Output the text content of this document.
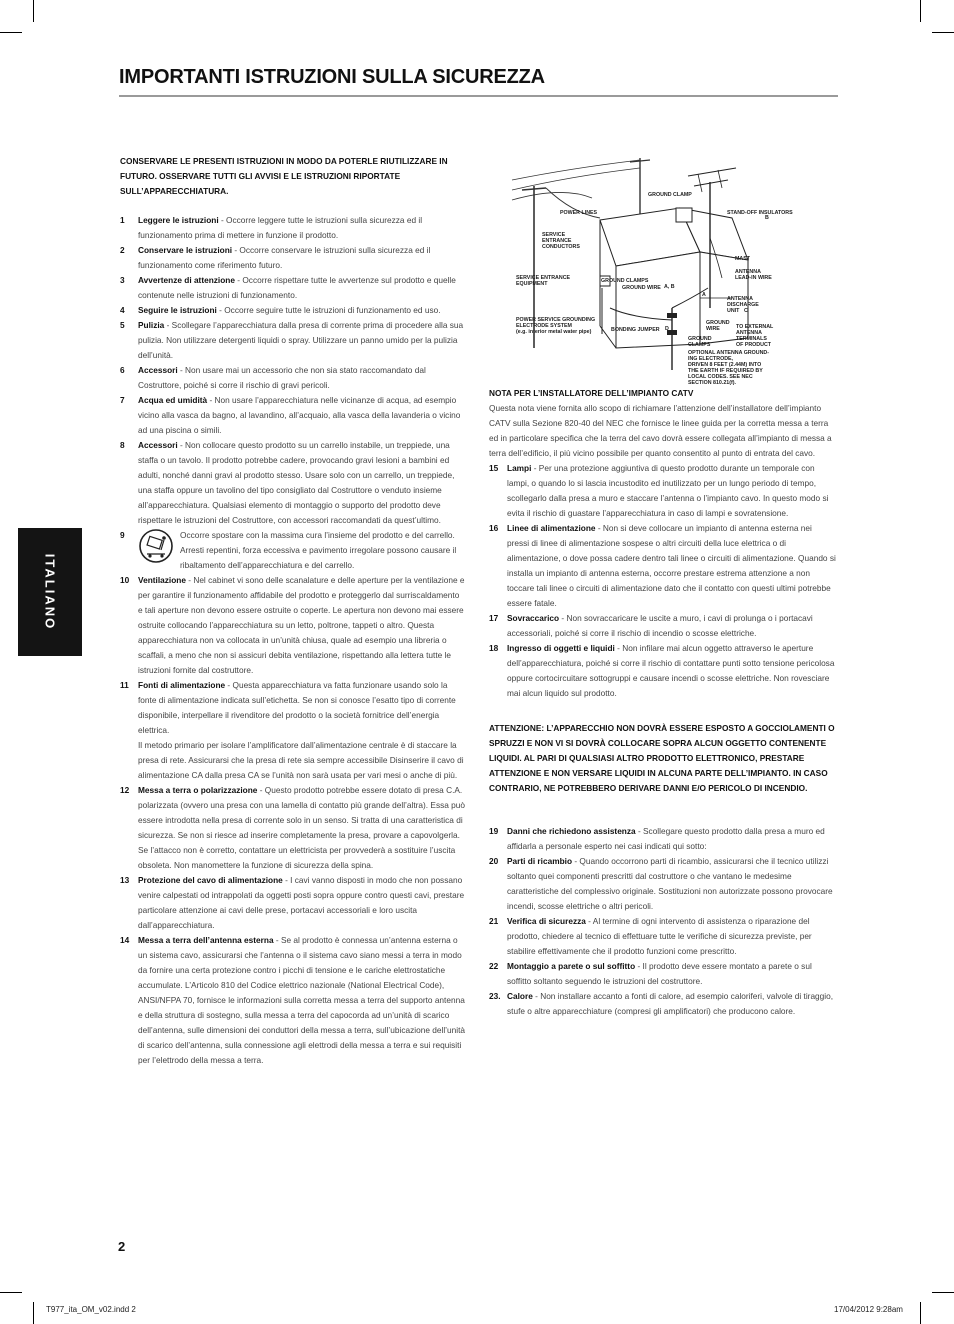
IMPORTANTI ISTRUZIONI SULLA SICUREZZA
ITALIANO
CONSERVARE LE PRESENTI ISTRUZIONI IN MODO DA POTERLE RIUTILIZZARE IN FUTURO. OSSERVARE TUTTI GLI AVVISI E LE ISTRUZIONI RIPORTATE SULL’APPARECCHIATURA.
1 Leggere le istruzioni - Occorre leggere tutte le istruzioni sulla sicurezza ed il funzionamento prima di mettere in funzione il prodotto.
2 Conservare le istruzioni - Occorre conservare le istruzioni sulla sicurezza ed il funzionamento come riferimento futuro.
3 Avvertenze di attenzione - Occorre rispettare tutte le avvertenze sul prodotto e quelle contenute nelle istruzioni di funzionamento.
4 Seguire le istruzioni - Occorre seguire tutte le istruzioni di funzionamento ed uso.
5 Pulizia - Scollegare l’apparecchiatura dalla presa di corrente prima di procedere alla sua pulizia. Non utilizzare detergenti liquidi o spray. Utilizzare un panno umido per la pulizia dell’unità.
6 Accessori - Non usare mai un accessorio che non sia stato raccomandato dal Costruttore, poiché si corre il rischio di gravi pericoli.
7 Acqua ed umidità - Non usare l’apparecchiatura nelle vicinanze di acqua, ad esempio vicino alla vasca da bagno, al lavandino, all’acquaio, alla vasca della lavanderia o vicino ad una piscina o simili.
8 Accessori - Non collocare questo prodotto su un carrello instabile, un treppiede, una staffa o un tavolo. Il prodotto potrebbe cadere, provocando gravi lesioni a bambini ed adulti, nonché danni gravi al prodotto stesso. Usare solo con un carrello, un treppiede, una staffa oppure un tavolino del tipo consigliato dal Costruttore o venduto insieme all’apparecchiatura. Qualsiasi elemento di montaggio o supporto del prodotto deve rispettare le istruzioni del Costruttore, con accessori raccomandati da quest’ultimo.
9	Occorre spostare con la massima cura l’insieme del prodotto e del carrello. Arresti repentini, forza eccessiva e pavimento irregolare possono causare il ribaltamento dell’apparecchiatura e del carrello.
10 Ventilazione - Nel cabinet vi sono delle scanalature e delle aperture per la ventilazione e per garantire il funzionamento affidabile del prodotto e proteggerlo dal surriscaldamento e tali aperture non devono essere ostruite o coperte. Le apertura non devono mai essere ostruite collocando l’apparecchiatura su un letto, poltrone, tappeti o altro. Questa apparecchiatura non va collocata in un’unità chiusa, quale ad esempio una libreria o scaffali, a meno che non si assicuri debita ventilazione, rispettando alla lettera tutte le istruzioni fornite dal costruttore.
11 Fonti di alimentazione - Questa apparecchiatura va fatta funzionare usando solo la fonte di alimentazione indicata sull’etichetta. Se non si conosce l’esatto tipo di corrente disponibile, interpellare il rivenditore del prodotto o la società fornitrice dell’energia elettrica.
Il metodo primario per isolare l’amplificatore dall’alimentazione centrale è di staccare la presa di rete. Assicurarsi che la presa di rete sia sempre accessibile Disinserire il cavo di alimentazione CA dalla presa CA se l’unità non sarà usata per vari mesi o anche di più.
12 Messa a terra o polarizzazione - Questo prodotto potrebbe essere dotato di presa C.A. polarizzata (ovvero una presa con una lamella di contatto più grande dell’altra). Essa può essere introdotta nella presa di corrente solo in un senso. Si tratta di una caratteristica di sicurezza. Se non si riesce ad inserire completamente la presa, provare a capovolgerla. Se l’attacco non è corretto, contattare un elettricista per provvederà a sostituire l’uscita obsoleta. Non manomettere la funzione di sicurezza della spina.
13 Protezione del cavo di alimentazione - I cavi vanno disposti in modo che non possano venire calpestati od intrappolati da oggetti posti sopra oppure contro questi cavi, prestare particolare attenzione ai cavi delle prese, portacavi accessoriali e loro uscita dall’apparecchiatura.
14 Messa a terra dell’antenna esterna - Se al prodotto è connessa un’antenna esterna o un sistema cavo, assicurarsi che l’antenna o il sistema cavo siano messi a terra in modo da fornire una certa protezione contro i picchi di tensione e le cariche elettrostatiche accumulate. L’Articolo 810 del Codice elettrico nazionale (National Electrical Code), ANSI/NFPA 70, fornisce le informazioni sulla corretta messa a terra del supporto antenna e della struttura di sostegno, sulla messa a terra del capocorda ad un’unità di scarico dell’antenna, sulle dimensioni dei conduttori della messa a terra, sull’ubicazione dell’unità di scarico dell’antenna, sulla connessione agli elettrodi della messa a terra e sui requisiti per l’elettrodo della messa a terra.
GROUND CLAMP
POWER LINES	STAND-OFF INSULATORS
B
SERVICE
ENTRANCE
CONDUCTORS
MAST
ANTENNA
LEAD-IN WIRE
SERVICE ENTRANCE
EQUIPMENT	GROUND CLAMPS
GROUND WIRE A, B
A
ANTENNA
DISCHARGE
UNIT C
POWER SERVICE GROUNDING
ELECTRODE SYSTEM
(e.g. interior metal water pipe)	BONDING JUMPER D
GROUND
WIRE	TO EXTERNAL
ANTENNA
TERMINALS
OF PRODUCT
GROUND
CLAMPS
OPTIONAL ANTENNA GROUND-
ING ELECTRODE,
DRIVEN 8 FEET (2.44M) INTO
THE EARTH IF REQUIRED BY
LOCAL CODES. SEE NEC
SECTION 810.21(f).
NOTA PER L’INSTALLATORE DELL’IMPIANTO CATV
Questa nota viene fornita allo scopo di richiamare l’attenzione dell’installatore dell’impianto CATV sulla Sezione 820-40 del NEC che fornisce le linee guida per la corretta messa a terra ed in particolare specifica che la terra del cavo dovrà essere collegata all’impianto di messa a terra dell’edificio, il più vicino possibile per quanto consentito al punto di entrata del cavo.
15 Lampi - Per una protezione aggiuntiva di questo prodotto durante un temporale con lampi, o quando lo si lascia incustodito ed inutilizzato per un lungo periodo di tempo, scollegarlo dalla presa a muro e staccare l’antenna o l’impianto cavo. In questo modo si evita il rischio di guastare l’apparecchiatura in caso di lampi e sovratensione.
16 Linee di alimentazione - Non si deve collocare un impianto di antenna esterna nei pressi di linee di alimentazione sospese o altri circuiti della luce elettrica o di alimentazione, o dove possa cadere dentro tali linee o circuiti di alimentazione. Quando si installa un impianto di antenna esterna, occorre prestare estrema attenzione a non toccare tali linee o circuiti di alimentazione dato che il contatto con questi ultimi potrebbe essere fatale.
17 Sovraccarico - Non sovraccaricare le uscite a muro, i cavi di prolunga o i portacavi accessoriali, poiché si corre il rischio di incendio o scosse elettriche.
18 Ingresso di oggetti e liquidi - Non infilare mai alcun oggetto attraverso le aperture dell’apparecchiatura, poiché si corre il rischio di contattare punti sotto tensione pericolosa oppure cortocircuitare sottogruppi e causare incendi o scosse elettriche. Non rovesciare mai alcun liquido sul prodotto.
ATTENZIONE: L’APPARECCHIO NON DOVRÀ ESSERE ESPOSTO A GOCCIOLAMENTI O SPRUZZI E NON VI SI DOVRÀ COLLOCARE SOPRA ALCUN OGGETTO CONTENENTE LIQUIDI. AL PARI DI QUALSIASI ALTRO PRODOTTO ELETTRONICO, PRESTARE ATTENZIONE E NON VERSARE LIQUIDI IN ALCUNA PARTE DELL’IMPIANTO. IN CASO CONTRARIO, NE POTREBBERO DERIVARE DANNI E/O PERICOLO DI INCENDIO.
19 Danni che richiedono assistenza - Scollegare questo prodotto dalla presa a muro ed affidarla a personale esperto nei casi indicati qui sotto:
20 Parti di ricambio - Quando occorrono parti di ricambio, assicurarsi che il tecnico utilizzi soltanto quei componenti prescritti dal costruttore o che vantano le medesime caratteristiche del complessivo originale. Sostituzioni non autorizzate possono provocare incendi, scosse elettriche o altri pericoli.
21 Verifica di sicurezza - Al termine di ogni intervento di assistenza o riparazione del prodotto, chiedere al tecnico di effettuare tutte le verifiche di sicurezza previste, per stabilire effettivamente che il prodotto funzioni come prescritto.
22 Montaggio a parete o sul soffitto - Il prodotto deve essere montato a parete o sul soffitto soltanto seguendo le istruzioni del costruttore.
23. Calore - Non installare accanto a fonti di calore, ad esempio caloriferi, valvole di tiraggio, stufe o altre apparecchiature (compresi gli amplificatori) che producono calore.
2
T977_ita_OM_v02.indd 2	17/04/2012 9:28am
